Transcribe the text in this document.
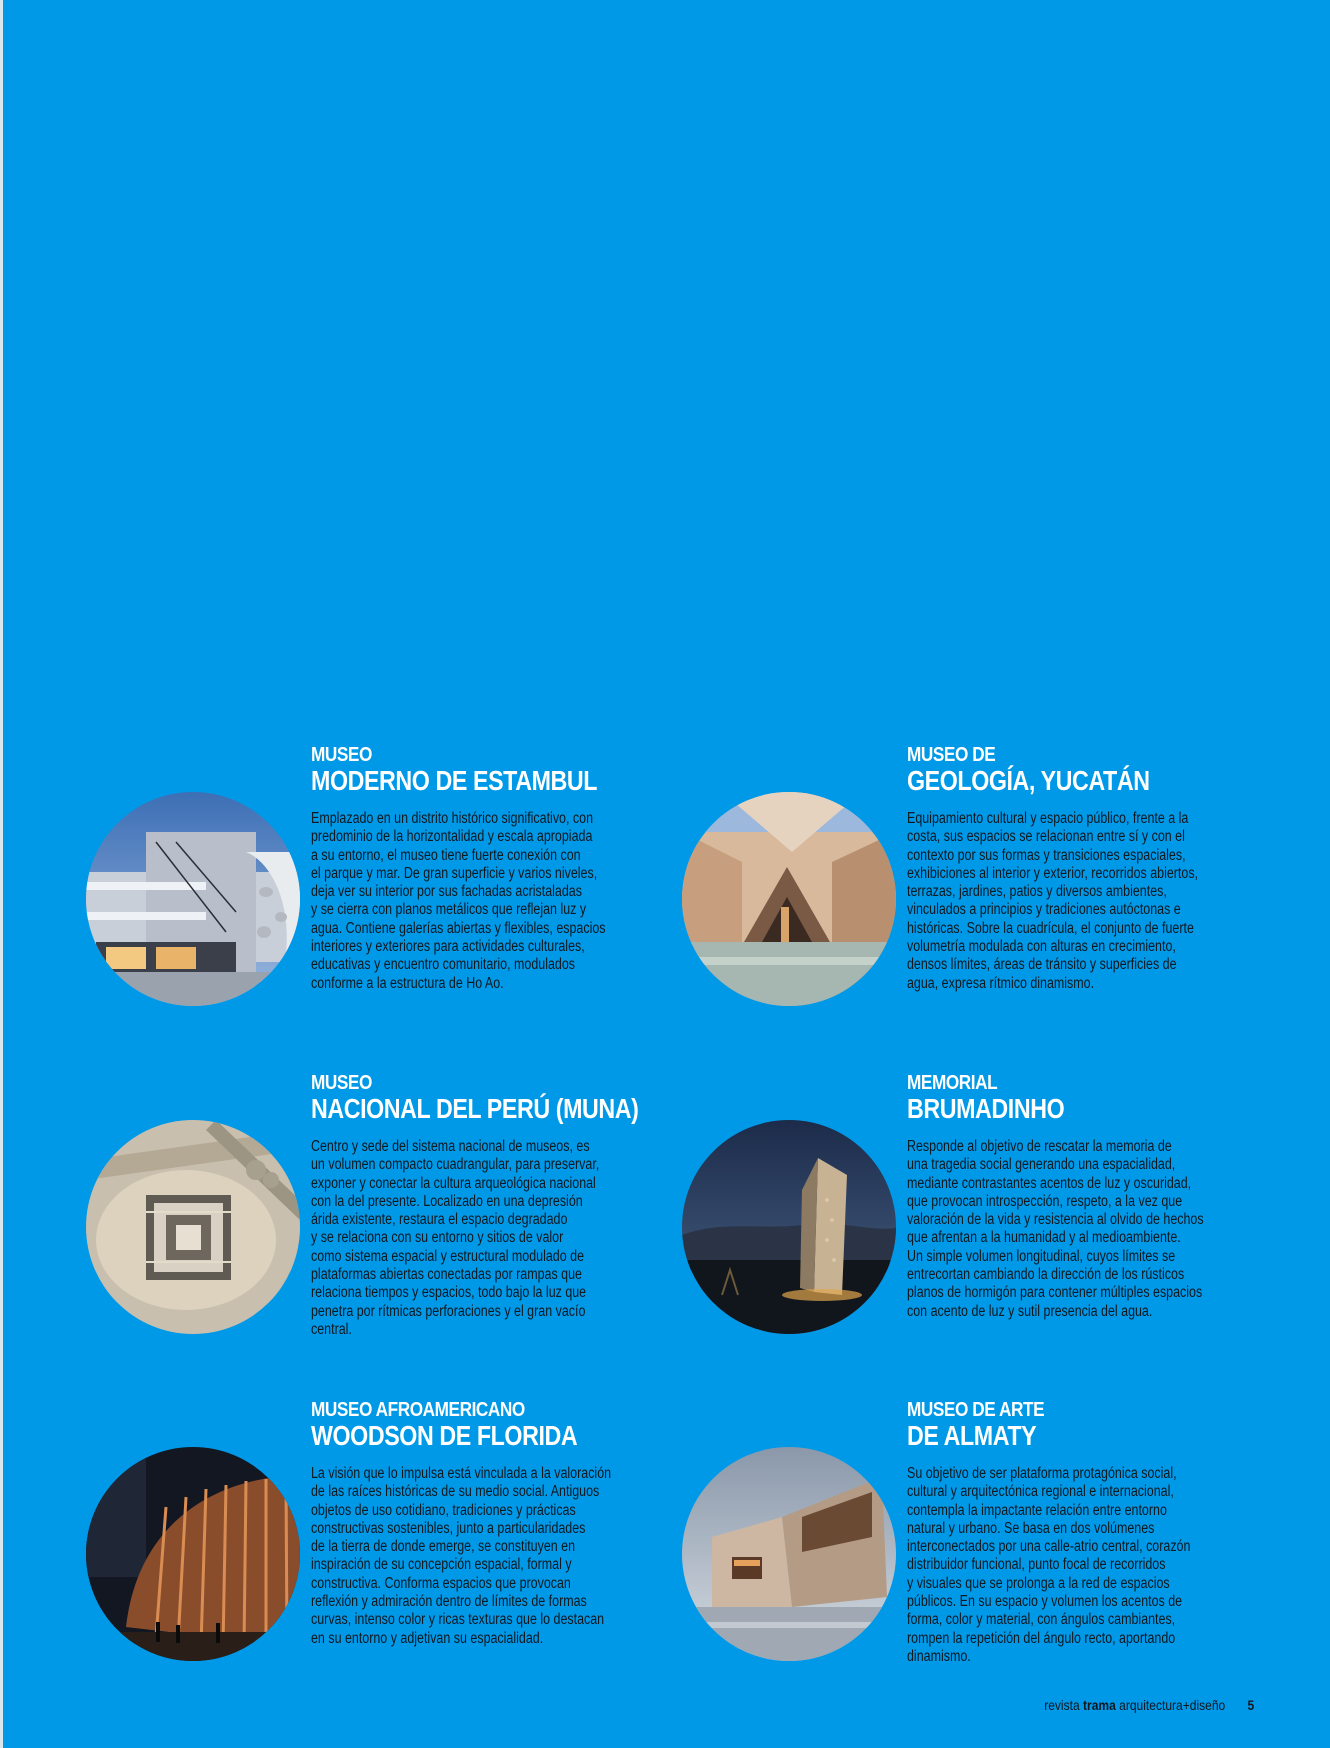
MUSEO
MODERNO DE ESTAMBUL
Emplazado en un distrito histórico significativo, con
predominio de la horizontalidad y escala apropiada
a su entorno, el museo tiene fuerte conexión con
el parque y mar. De gran superficie y varios niveles,
deja ver su interior por sus fachadas acristaladas
y se cierra con planos metálicos que reflejan luz y
agua. Contiene galerías abiertas y flexibles, espacios
interiores y exteriores para actividades culturales,
educativas y encuentro comunitario, modulados
conforme a la estructura de Ho Ao.
MUSEO DE
GEOLOGÍA, YUCATÁN
Equipamiento cultural y espacio público, frente a la
costa, sus espacios se relacionan entre sí y con el
contexto por sus formas y transiciones espaciales,
exhibiciones al interior y exterior, recorridos abiertos,
terrazas, jardines, patios y diversos ambientes,
vinculados a principios y tradiciones autóctonas e
históricas. Sobre la cuadrícula, el conjunto de fuerte
volumetría modulada con alturas en crecimiento,
densos límites, áreas de tránsito y superficies de
agua, expresa rítmico dinamismo.
MUSEO
NACIONAL DEL PERÚ (MUNA)
Centro y sede del sistema nacional de museos, es
un volumen compacto cuadrangular, para preservar,
exponer y conectar la cultura arqueológica nacional
con la del presente. Localizado en una depresión
árida existente, restaura el espacio degradado
y se relaciona con su entorno y sitios de valor
como sistema espacial y estructural modulado de
plataformas abiertas conectadas por rampas que
relaciona tiempos y espacios, todo bajo la luz que
penetra por rítmicas perforaciones y el gran vacío
central.
MEMORIAL
BRUMADINHO
Responde al objetivo de rescatar la memoria de
una tragedia social generando una espacialidad,
mediante contrastantes acentos de luz y oscuridad,
que provocan introspección, respeto, a la vez que
valoración de la vida y resistencia al olvido de hechos
que afrentan a la humanidad y al medioambiente.
Un simple volumen longitudinal, cuyos límites se
entrecortan cambiando la dirección de los rústicos
planos de hormigón para contener múltiples espacios
con acento de luz y sutil presencia del agua.
MUSEO AFROAMERICANO
WOODSON DE FLORIDA
La visión que lo impulsa está vinculada a la valoración
de las raíces históricas de su medio social. Antiguos
objetos de uso cotidiano, tradiciones y prácticas
constructivas sostenibles, junto a particularidades
de la tierra de donde emerge, se constituyen en
inspiración de su concepción espacial, formal y
constructiva. Conforma espacios que provocan
reflexión y admiración dentro de límites de formas
curvas, intenso color y ricas texturas que lo destacan
en su entorno y adjetivan su espacialidad.
MUSEO DE ARTE
DE ALMATY
Su objetivo de ser plataforma protagónica social,
cultural y arquitectónica regional e internacional,
contempla la impactante relación entre entorno
natural y urbano. Se basa en dos volúmenes
interconectados por una calle-atrio central, corazón
distribuidor funcional, punto focal de recorridos
y visuales que se prolonga a la red de espacios
públicos. En su espacio y volumen los acentos de
forma, color y material, con ángulos cambiantes,
rompen la repetición del ángulo recto, aportando
dinamismo.
revista trama arquitectura+diseño 5
